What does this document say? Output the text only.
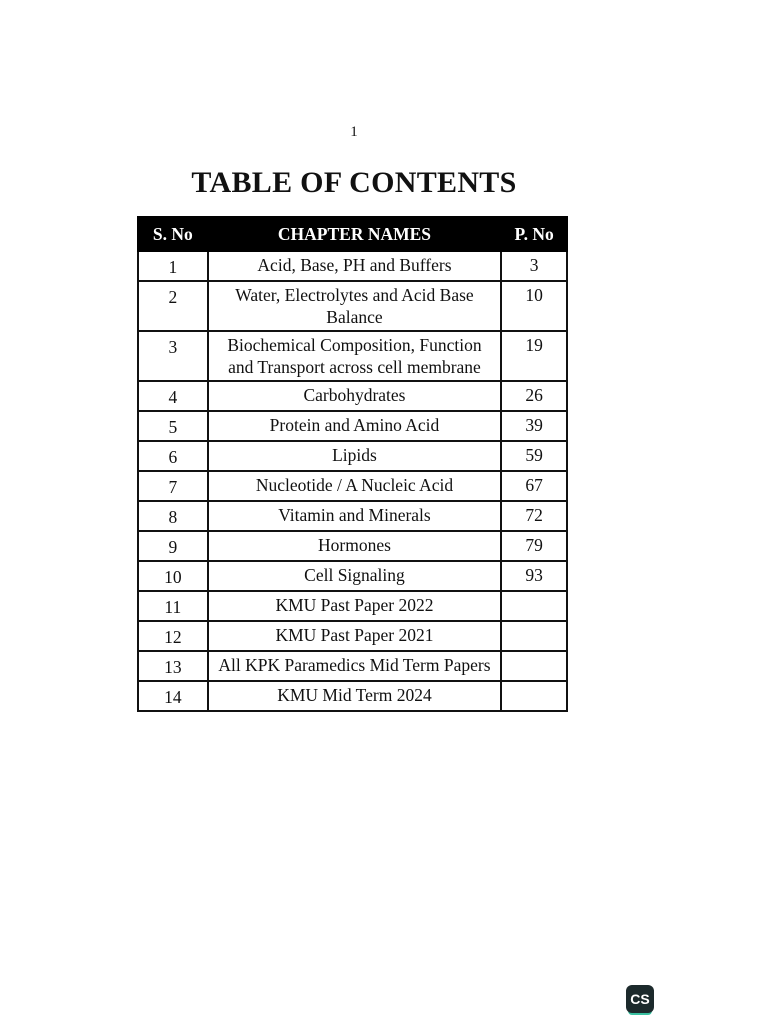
1
TABLE OF CONTENTS
S. No	CHAPTER NAMES	P. No
1	Acid, Base, PH and Buffers	3
2	Water, Electrolytes and Acid Base Balance	10
3	Biochemical Composition, Function and Transport across cell membrane	19
4	Carbohydrates	26
5	Protein and Amino Acid	39
6	Lipids	59
7	Nucleotide / A Nucleic Acid	67
8	Vitamin and Minerals	72
9	Hormones	79
10	Cell Signaling	93
11	KMU Past Paper 2022	
12	KMU Past Paper 2021	
13	All KPK Paramedics Mid Term Papers	
14	KMU Mid Term 2024	
CS
